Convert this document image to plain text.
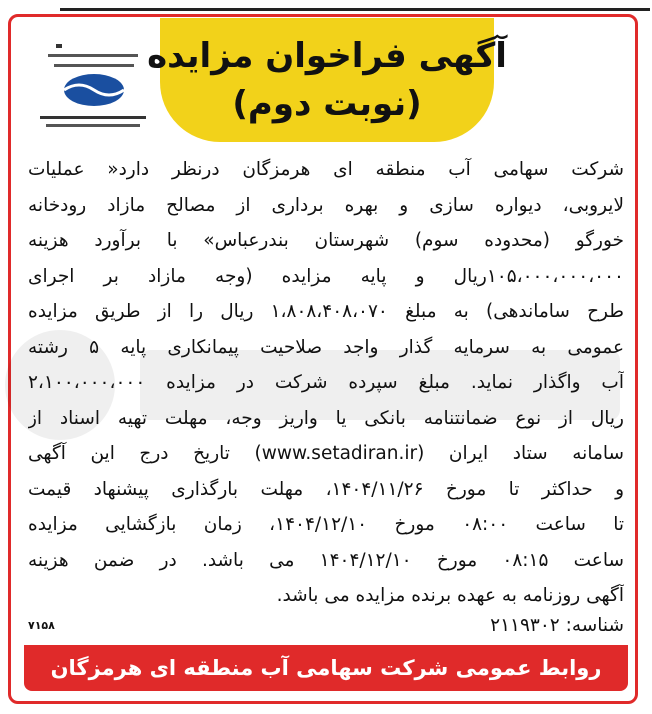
آگهی فراخوان مزایده
(نوبت دوم)
شرکت سهامی آب منطقه ای هرمزگان درنظر دارد« عملیات
لایروبی، دیواره سازی و بهره برداری از مصالح مازاد رودخانه
خورگو (محدوده سوم) شهرستان بندرعباس» با برآورد هزینه
۱۰۵،۰۰۰،۰۰۰،۰۰۰ریال و پایه مزایده (وجه مازاد بر اجرای
طرح ساماندهی) به مبلغ ۱،۸۰۸،۴۰۸،۰۷۰ ریال را از طریق مزایده
عمومی به سرمایه گذار واجد صلاحیت پیمانکاری پایه ۵ رشته
آب واگذار نماید. مبلغ سپرده شرکت در مزایده ۲،۱۰۰،۰۰۰،۰۰۰
ریال از نوع ضمانتنامه بانکی یا واریز وجه، مهلت تهیه اسناد از
سامانه ستاد ایران (www.setadiran.ir) تاریخ درج این آگهی
و حداکثر تا مورخ ۱۴۰۴/۱۱/۲۶، مهلت بارگذاری پیشنهاد قیمت
تا ساعت ۰۸:۰۰ مورخ ۱۴۰۴/۱۲/۱۰، زمان بازگشایی مزایده
ساعت ۰۸:۱۵ مورخ ۱۴۰۴/۱۲/۱۰ می باشد. در ضمن هزینه
آگهی روزنامه به عهده برنده مزایده می باشد.
شناسه: ۲۱۱۹۳۰۲
۷۱۵۸
روابط عمومی شرکت سهامی آب منطقه ای هرمزگان
